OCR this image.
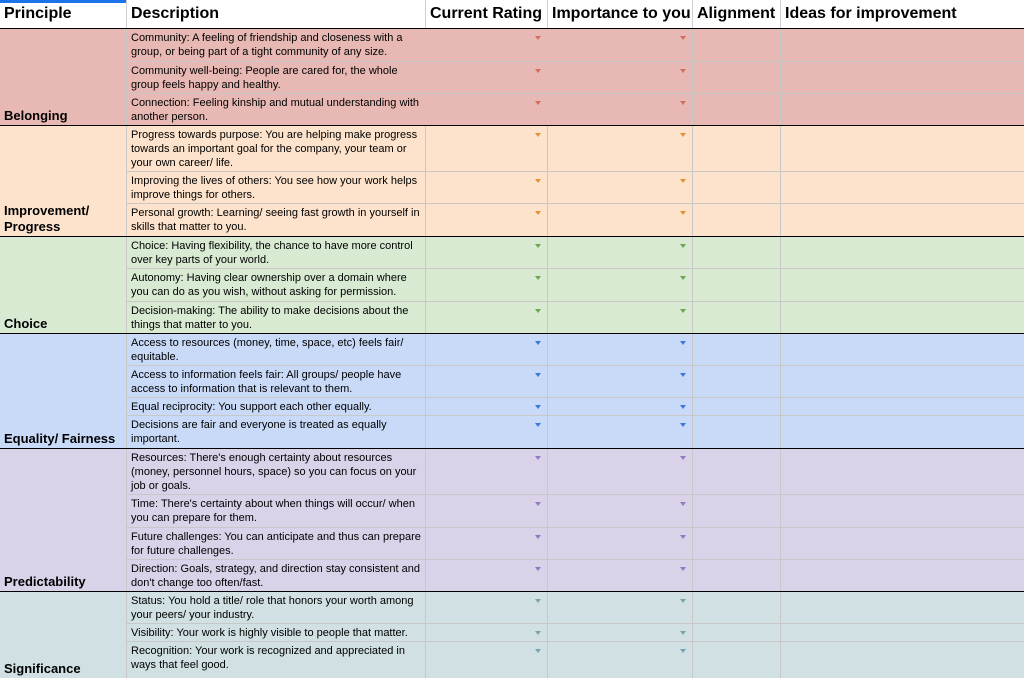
Principle	Description	Current Rating Importance to you Alignment Ideas for improvement
Belonging
Community: A feeling of friendship and closeness with a group, or being part of a tight community of any size.
Community well-being: People are cared for, the whole group feels happy and healthy.
Connection: Feeling kinship and mutual understanding with another person.
Improvement/ Progress
Progress towards purpose: You are helping make progress towards an important goal for the company, your team or your own career/ life.
Improving the lives of others: You see how your work helps improve things for others.
Personal growth: Learning/ seeing fast growth in yourself in skills that matter to you.
Choice
Choice: Having flexibility, the chance to have more control over key parts of your world.
Autonomy: Having clear ownership over a domain where you can do as you wish, without asking for permission.
Decision-making: The ability to make decisions about the things that matter to you.
Equality/ Fairness
Access to resources (money, time, space, etc) feels fair/ equitable.
Access to information feels fair: All groups/ people have access to information that is relevant to them.
Equal reciprocity: You support each other equally.
Decisions are fair and everyone is treated as equally important.
Predictability
Resources: There's enough certainty about resources (money, personnel hours, space) so you can focus on your job or goals.
Time: There's certainty about when things will occur/ when you can prepare for them.
Future challenges: You can anticipate and thus can prepare for future challenges.
Direction: Goals, strategy, and direction stay consistent and don't change too often/fast.
Significance
Status: You hold a title/ role that honors your worth among your peers/ your industry.
Visibility: Your work is highly visible to people that matter.
Recognition: Your work is recognized and appreciated in ways that feel good.
